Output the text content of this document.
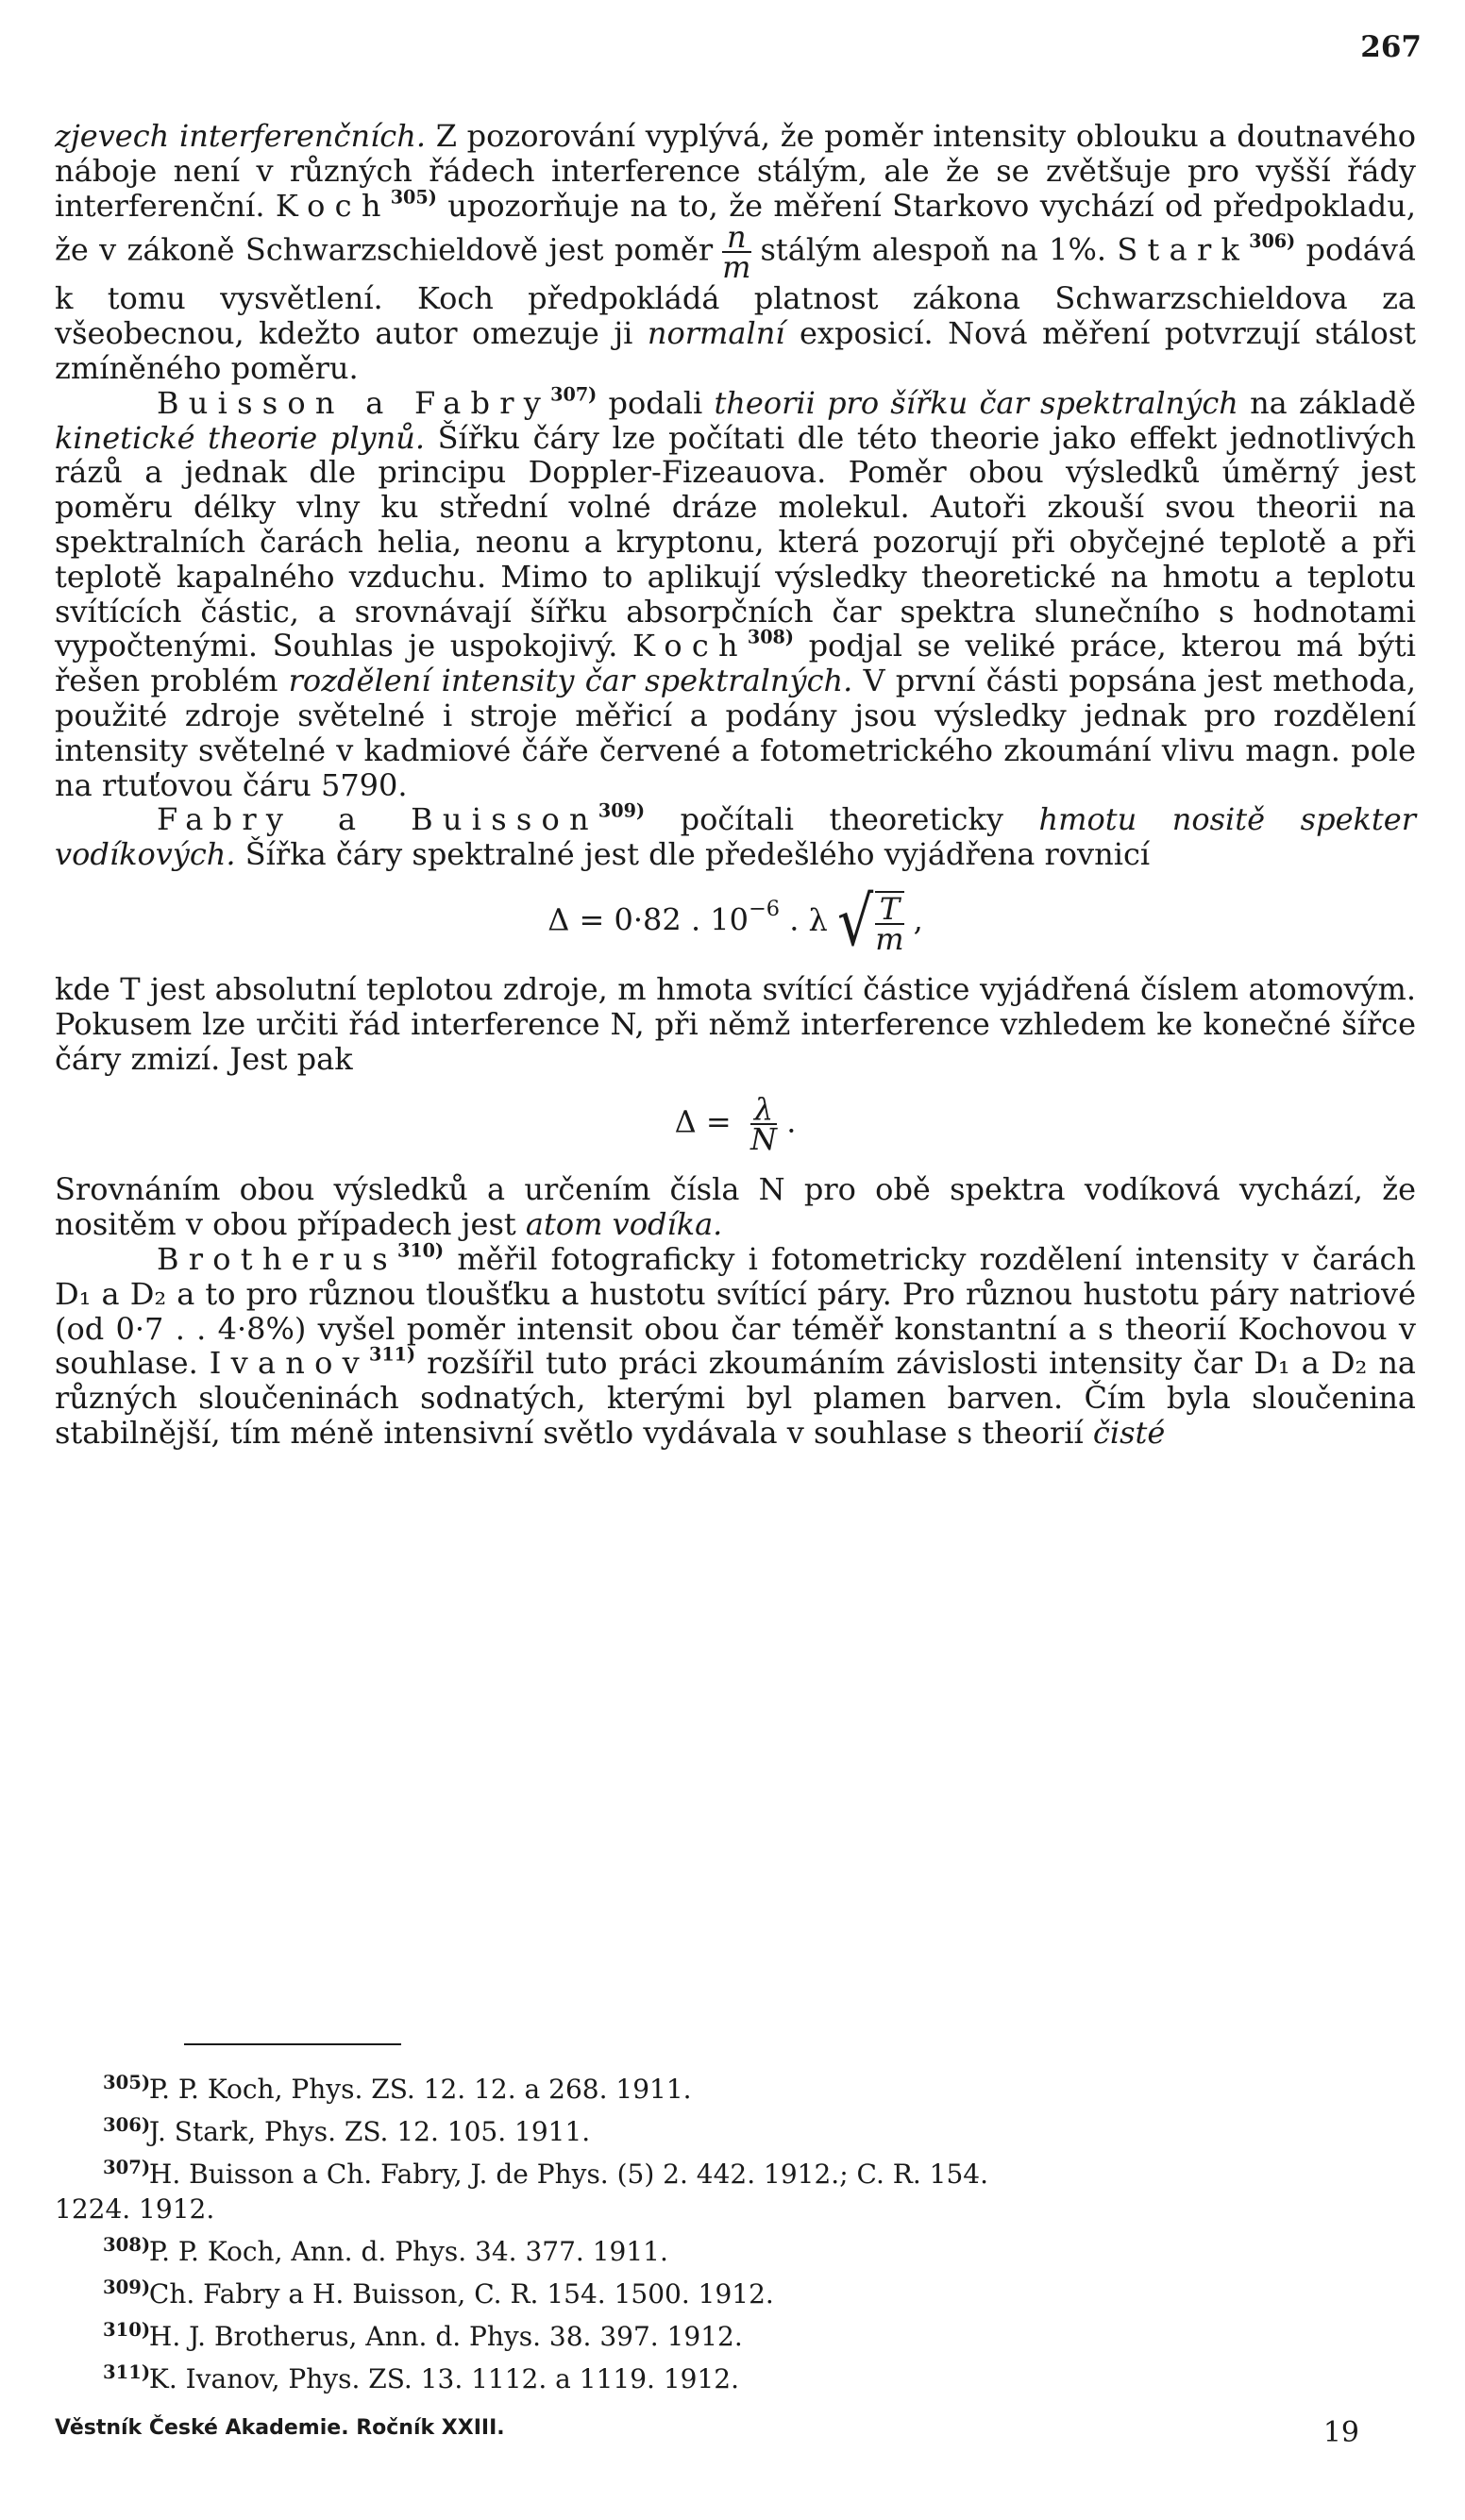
267

zjevech interferenčních. Z pozorování vyplývá, že poměr intensity oblouku a doutnavého náboje není v různých řádech interference stálým, ale že se zvětšuje pro vyšší řády interferenční. Koch$^{305)}$ upozorňuje na to, že měření Starkovo vychází od předpokladu, že v zákoně Schwarzschieldově jest poměr $\frac{n}{m}$ stálým alespoň na 1%. Stark$^{306)}$ podává k tomu vysvětlení. Koch předpokládá platnost zákona Schwarzschieldova za všeobecnou, kdežto autor omezuje ji normalní exposicí. Nová měření potvrzují stálost zmíněného poměru.

Buisson a Fabry$^{307)}$ podali theorii pro šířku čar spektralných na základě kinetické theorie plynů. Šířku čáry lze počítati dle této theorie jako effekt jednotlivých rázů a jednak dle principu Doppler-Fizeauova. Poměr obou výsledků úměrný jest poměru délky vlny ku střední volné dráze molekul. Autoři zkouší svou theorii na spektralních čarách helia, neonu a kryptonu, která pozorují při obyčejné teplotě a při teplotě kapalného vzduchu. Mimo to aplikují výsledky theoretické na hmotu a teplotu svítících částic, a srovnávají šířku absorpčních čar spektra slunečního s hodnotami vypočtenými. Souhlas je uspokojivý. Koch$^{308)}$ podjal se veliké práce, kterou má býti řešen problém rozdělení intensity čar spektralných. V první části popsána jest methoda, použité zdroje světelné i stroje měřicí a podány jsou výsledky jednak pro rozdělení intensity světelné v kadmiové čáře červené a fotometrického zkoumání vlivu magn. pole na rtuťovou čáru 5790.

Fabry a Buisson$^{309)}$ počítali theoreticky hmotu nositě spekter vodíkových. Šířka čáry spektralné jest dle předešlého vyjádřena rovnicí

Δ = 0·82 . $10^{-6}$ . λ √ $\frac{T}{m}$ ,

kde T jest absolutní teplotou zdroje, m hmota svítící částice vyjádřená číslem atomovým. Pokusem lze určiti řád interference N, při němž interference vzhledem ke konečné šířce čáry zmizí. Jest pak

$\Delta = \frac{\lambda}{N}$ .

Srovnáním obou výsledků a určením čísla N pro obě spektra vodíková vychází, že nositěm v obou případech jest atom vodíka.

Brotherus$^{310)}$ měřil fotograficky i fotometricky rozdělení intensity v čarách D₁ a D₂ a to pro různou tloušťku a hustotu svítící páry. Pro různou hustotu páry natriové (od 0·7 . . 4·8%) vyšel poměr intensit obou čar téměř konstantní a s theorií Kochovou v souhlase. Ivanov$^{311)}$ rozšířil tuto práci zkoumáním závislosti intensity čar D₁ a D₂ na různých sloučeninách sodnatých, kterými byl plamen barven. Čím byla sloučenina stabilnější, tím méně intensivní světlo vydávala v souhlase s theorií čisté

305) P. P. Koch, Phys. ZS. 12. 12. a 268. 1911.

306) J. Stark, Phys. ZS. 12. 105. 1911.

307) H. Buisson a Ch. Fabry, J. de Phys. (5) 2. 442. 1912.; C. R. 154.

1224. 1912.

308) P. P. Koch, Ann. d. Phys. 34. 377. 1911.

309) Ch. Fabry a H. Buisson, C. R. 154. 1500. 1912.

310) H. J. Brotherus, Ann. d. Phys. 38. 397. 1912.

311) K. Ivanov, Phys. ZS. 13. 1112. a 1119. 1912.

Věstník České Akademie. Ročník XXIII.	19
